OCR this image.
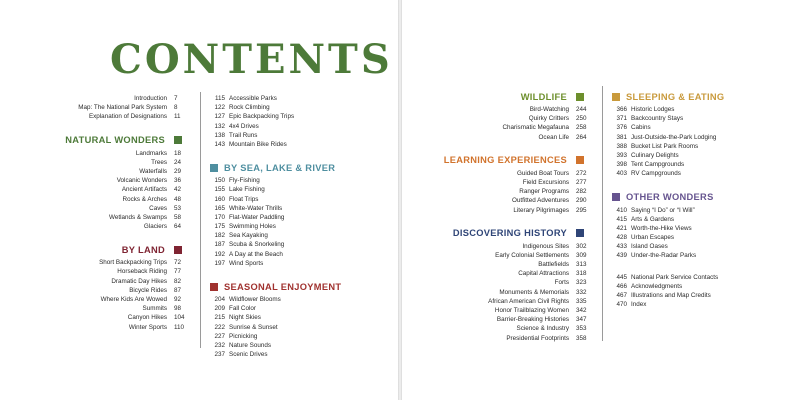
CONTENTS
Introduction 7
Map: The National Park System 8
Explanation of Designations 11
NATURAL WONDERS
Landmarks 18
Trees 24
Waterfalls 29
Volcanic Wonders 36
Ancient Artifacts 42
Rocks & Arches 48
Caves 53
Wetlands & Swamps 58
Glaciers 64
BY LAND
Short Backpacking Trips 72
Horseback Riding 77
Dramatic Day Hikes 82
Bicycle Rides 87
Where Kids Are Wowed 92
Summits 98
Canyon Hikes 104
Winter Sports 110
115 Accessible Parks
122 Rock Climbing
127 Epic Backpacking Trips
132 4x4 Drives
138 Trail Runs
143 Mountain Bike Rides
BY SEA, LAKE & RIVER
150 Fly-Fishing
155 Lake Fishing
160 Float Trips
165 White-Water Thrills
170 Flat-Water Paddling
175 Swimming Holes
182 Sea Kayaking
187 Scuba & Snorkeling
192 A Day at the Beach
197 Wind Sports
SEASONAL ENJOYMENT
204 Wildflower Blooms
209 Fall Color
215 Night Skies
222 Sunrise & Sunset
227 Picnicking
232 Nature Sounds
237 Scenic Drives
WILDLIFE
Bird-Watching 244
Quirky Critters 250
Charismatic Megafauna 258
Ocean Life 264
LEARNING EXPERIENCES
Guided Boat Tours 272
Field Excursions 277
Ranger Programs 282
Outfitted Adventures 290
Literary Pilgrimages 295
DISCOVERING HISTORY
Indigenous Sites 302
Early Colonial Settlements 309
Battlefields 313
Capital Attractions 318
Forts 323
Monuments & Memorials 332
African American Civil Rights 335
Honor Trailblazing Women 342
Barrier-Breaking Histories 347
Science & Industry 353
Presidential Footprints 358
SLEEPING & EATING
366 Historic Lodges
371 Backcountry Stays
376 Cabins
381 Just-Outside-the-Park Lodging
388 Bucket List Park Rooms
393 Culinary Delights
398 Tent Campgrounds
403 RV Campgrounds
OTHER WONDERS
410 Saying “I Do” or “I Will”
415 Arts & Gardens
421 Worth-the-Hike Views
428 Urban Escapes
433 Island Oases
439 Under-the-Radar Parks
445 National Park Service Contacts
466 Acknowledgments
467 Illustrations and Map Credits
470 Index
